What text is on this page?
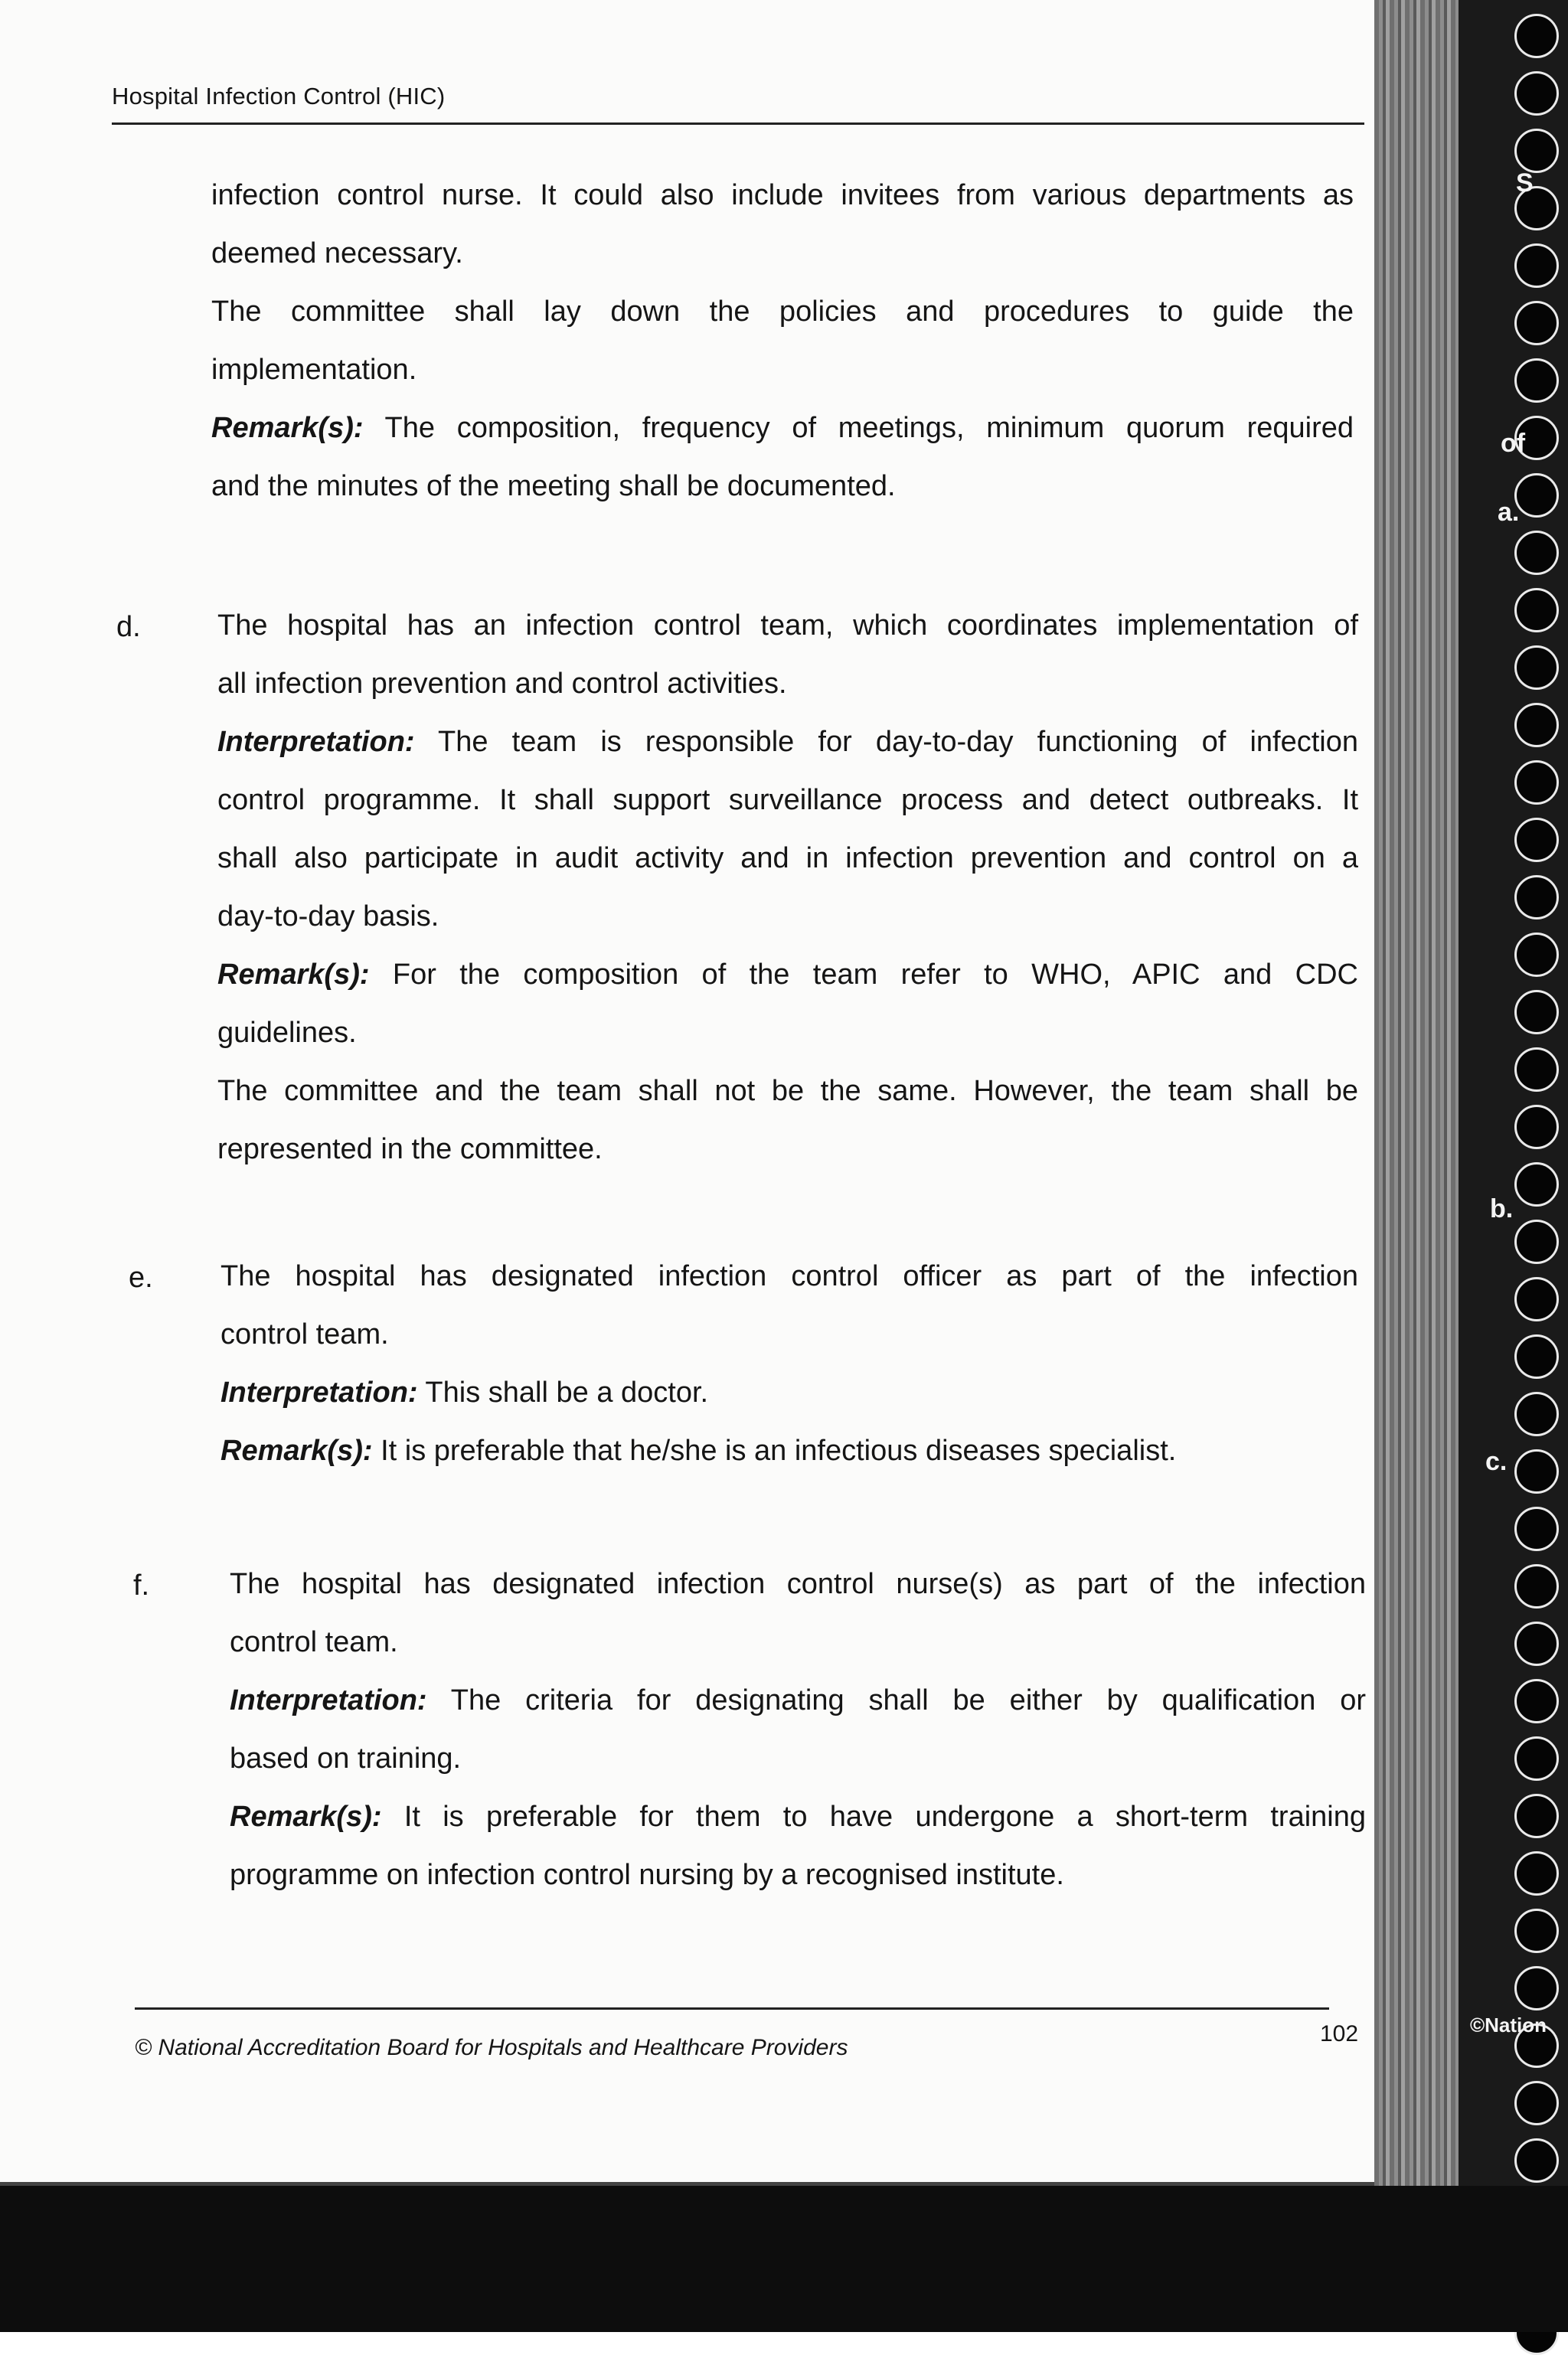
Hospital Infection Control (HIC)
infection control nurse. It could also include invitees from various departments as
deemed necessary.
The committee shall lay down the policies and procedures to guide the
implementation.
Remark(s): The composition, frequency of meetings, minimum quorum required
and the minutes of the meeting shall be documented.
d.	The hospital has an infection control team, which coordinates implementation of
all infection prevention and control activities.
Interpretation: The team is responsible for day-to-day functioning of infection
control programme. It shall support surveillance process and detect outbreaks. It
shall also participate in audit activity and in infection prevention and control on a
day-to-day basis.
Remark(s): For the composition of the team refer to WHO, APIC and CDC
guidelines.
The committee and the team shall not be the same. However, the team shall be
represented in the committee.
e. The hospital has designated infection control officer as part of the infection
control team.
Interpretation: This shall be a doctor.
Remark(s): It is preferable that he/she is an infectious diseases specialist.
f.	The hospital has designated infection control nurse(s) as part of the infection
control team.
Interpretation: The criteria for designating shall be either by qualification or
based on training.
Remark(s): It is preferable for them to have undergone a short-term training
programme on infection control nursing by a recognised institute.
© National Accreditation Board for Hospitals and Healthcare Providers
102
S
of
a.
b.
c.
©Nation
